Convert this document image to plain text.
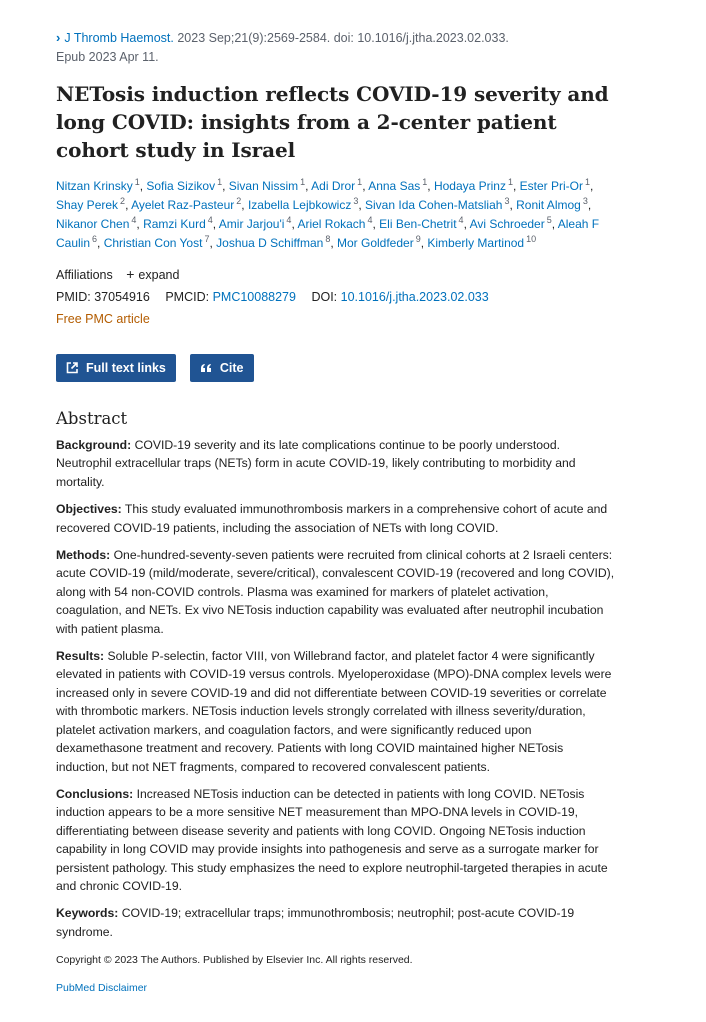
› J Thromb Haemost. 2023 Sep;21(9):2569-2584. doi: 10.1016/j.jtha.2023.02.033.
Epub 2023 Apr 11.
NETosis induction reflects COVID-19 severity and long COVID: insights from a 2-center patient cohort study in Israel
Nitzan Krinsky $^1$, Sofia Sizikov $^1$, Sivan Nissim $^1$, Adi Dror $^1$, Anna Sas $^1$, Hodaya Prinz $^1$, Ester Pri-Or $^1$, Shay Perek $^2$, Ayelet Raz-Pasteur $^2$, Izabella Lejbkowicz $^3$, Sivan Ida Cohen-Matsliah $^3$, Ronit Almog $^3$, Nikanor Chen $^4$, Ramzi Kurd $^4$, Amir Jarjou'i $^4$, Ariel Rokach $^4$, Eli Ben-Chetrit $^4$, Avi Schroeder $^5$, Aleah F Caulin $^6$, Christian Con Yost $^7$, Joshua D Schiffman $^8$, Mor Goldfeder $^9$, Kimberly Martinod $^{10}$
Affiliations + expand
PMID: 37054916 PMCID: PMC10088279 DOI: 10.1016/j.jtha.2023.02.033
Free PMC article
Full text links	Cite
Abstract

Background: COVID-19 severity and its late complications continue to be poorly understood. Neutrophil extracellular traps (NETs) form in acute COVID-19, likely contributing to morbidity and mortality.

Objectives: This study evaluated immunothrombosis markers in a comprehensive cohort of acute and recovered COVID-19 patients, including the association of NETs with long COVID.

Methods: One-hundred-seventy-seven patients were recruited from clinical cohorts at 2 Israeli centers: acute COVID-19 (mild/moderate, severe/critical), convalescent COVID-19 (recovered and long COVID), along with 54 non-COVID controls. Plasma was examined for markers of platelet activation, coagulation, and NETs. Ex vivo NETosis induction capability was evaluated after neutrophil incubation with patient plasma.

Results: Soluble P-selectin, factor VIII, von Willebrand factor, and platelet factor 4 were significantly elevated in patients with COVID-19 versus controls. Myeloperoxidase (MPO)-DNA complex levels were increased only in severe COVID-19 and did not differentiate between COVID-19 severities or correlate with thrombotic markers. NETosis induction levels strongly correlated with illness severity/duration, platelet activation markers, and coagulation factors, and were significantly reduced upon dexamethasone treatment and recovery. Patients with long COVID maintained higher NETosis induction, but not NET fragments, compared to recovered convalescent patients.

Conclusions: Increased NETosis induction can be detected in patients with long COVID. NETosis induction appears to be a more sensitive NET measurement than MPO-DNA levels in COVID-19, differentiating between disease severity and patients with long COVID. Ongoing NETosis induction capability in long COVID may provide insights into pathogenesis and serve as a surrogate marker for persistent pathology. This study emphasizes the need to explore neutrophil-targeted therapies in acute and chronic COVID-19.

Keywords: COVID-19; extracellular traps; immunothrombosis; neutrophil; post-acute COVID-19 syndrome.

Copyright © 2023 The Authors. Published by Elsevier Inc. All rights reserved.
PubMed Disclaimer
